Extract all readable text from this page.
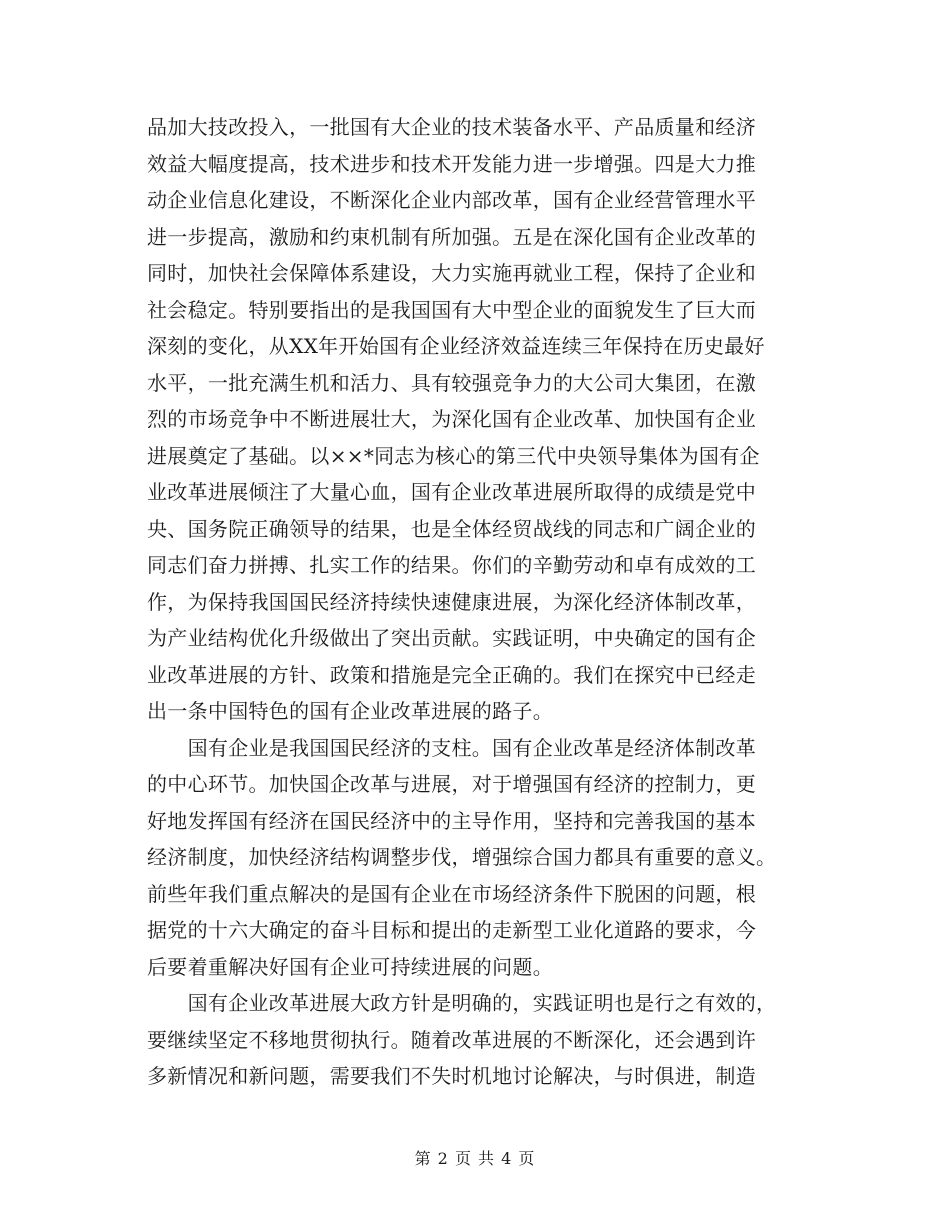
品加大技改投入，一批国有大企业的技术装备水平、产品质量和经济
效益大幅度提高，技术进步和技术开发能力进一步增强。四是大力推
动企业信息化建设，不断深化企业内部改革，国有企业经营管理水平
进一步提高，激励和约束机制有所加强。五是在深化国有企业改革的
同时，加快社会保障体系建设，大力实施再就业工程，保持了企业和
社会稳定。特别要指出的是我国国有大中型企业的面貌发生了巨大而
深刻的变化，从XX年开始国有企业经济效益连续三年保持在历史最好
水平，一批充满生机和活力、具有较强竞争力的大公司大集团，在激
烈的市场竞争中不断进展壮大，为深化国有企业改革、加快国有企业
进展奠定了基础。以××*同志为核心的第三代中央领导集体为国有企
业改革进展倾注了大量心血，国有企业改革进展所取得的成绩是党中
央、国务院正确领导的结果，也是全体经贸战线的同志和广阔企业的
同志们奋力拼搏、扎实工作的结果。你们的辛勤劳动和卓有成效的工
作，为保持我国国民经济持续快速健康进展，为深化经济体制改革，
为产业结构优化升级做出了突出贡献。实践证明，中央确定的国有企
业改革进展的方针、政策和措施是完全正确的。我们在探究中已经走
出一条中国特色的国有企业改革进展的路子。
　　国有企业是我国国民经济的支柱。国有企业改革是经济体制改革
的中心环节。加快国企改革与进展，对于增强国有经济的控制力，更
好地发挥国有经济在国民经济中的主导作用，坚持和完善我国的基本
经济制度，加快经济结构调整步伐，增强综合国力都具有重要的意义。
前些年我们重点解决的是国有企业在市场经济条件下脱困的问题，根
据党的十六大确定的奋斗目标和提出的走新型工业化道路的要求，今
后要着重解决好国有企业可持续进展的问题。
　　国有企业改革进展大政方针是明确的，实践证明也是行之有效的，
要继续坚定不移地贯彻执行。随着改革进展的不断深化，还会遇到许
多新情况和新问题，需要我们不失时机地讨论解决，与时俱进，制造
第 2 页 共 4 页
